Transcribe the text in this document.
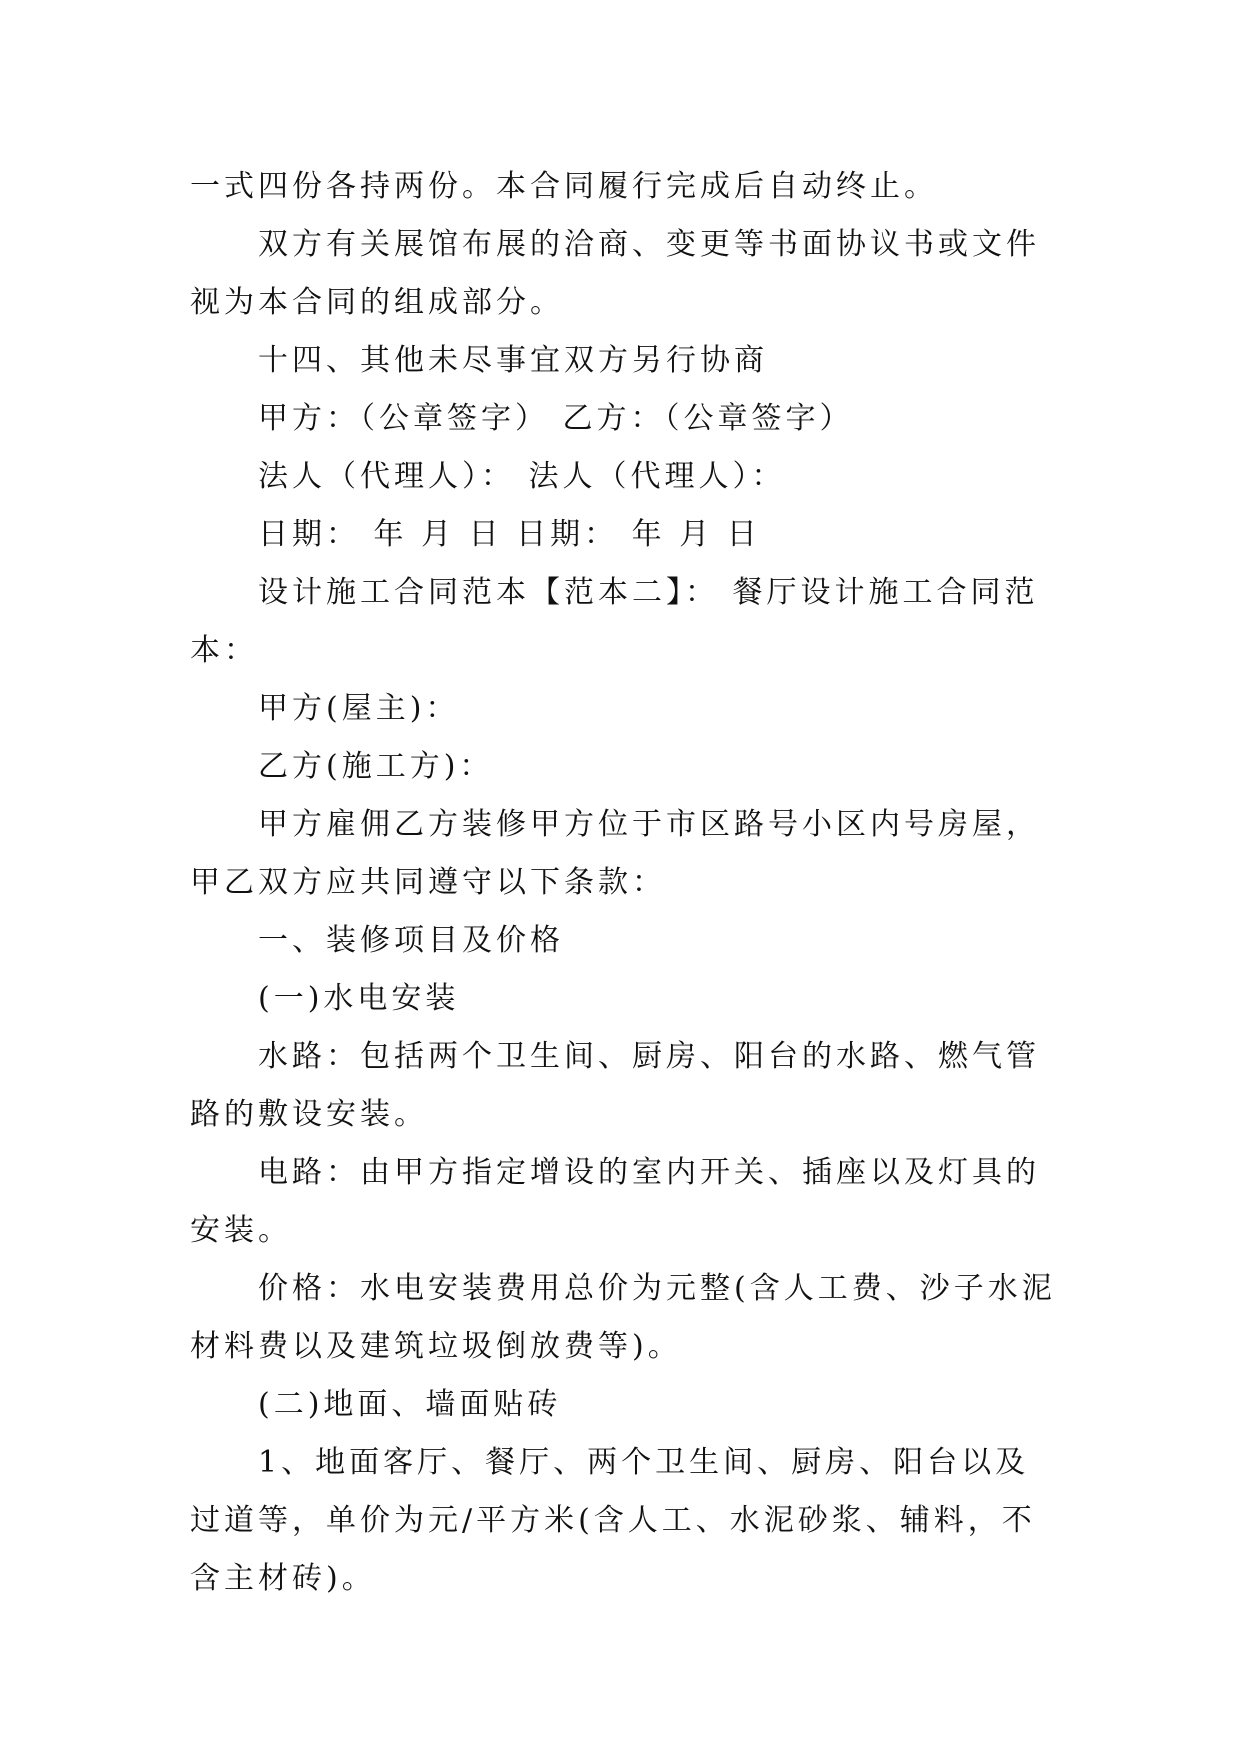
一式四份各持两份。本合同履行完成后自动终止。

双方有关展馆布展的洽商、变更等书面协议书或文件视为本合同的组成部分。

十四、其他未尽事宜双方另行协商

甲方：（公章签字） 乙方：（公章签字）

法人（代理人）： 法人（代理人）：

日期： 年 月 日 日期： 年 月 日

设计施工合同范本【范本二】： 餐厅设计施工合同范本：

甲方(屋主)：

乙方(施工方)：

甲方雇佣乙方装修甲方位于市区路号小区内号房屋，甲乙双方应共同遵守以下条款：

一、装修项目及价格

(一)水电安装

水路：包括两个卫生间、厨房、阳台的水路、燃气管路的敷设安装。

电路：由甲方指定增设的室内开关、插座以及灯具的安装。

价格：水电安装费用总价为元整(含人工费、沙子水泥材料费以及建筑垃圾倒放费等)。

(二)地面、墙面贴砖

1、地面客厅、餐厅、两个卫生间、厨房、阳台以及过道等，单价为元/平方米(含人工、水泥砂浆、辅料，不含主材砖)。
